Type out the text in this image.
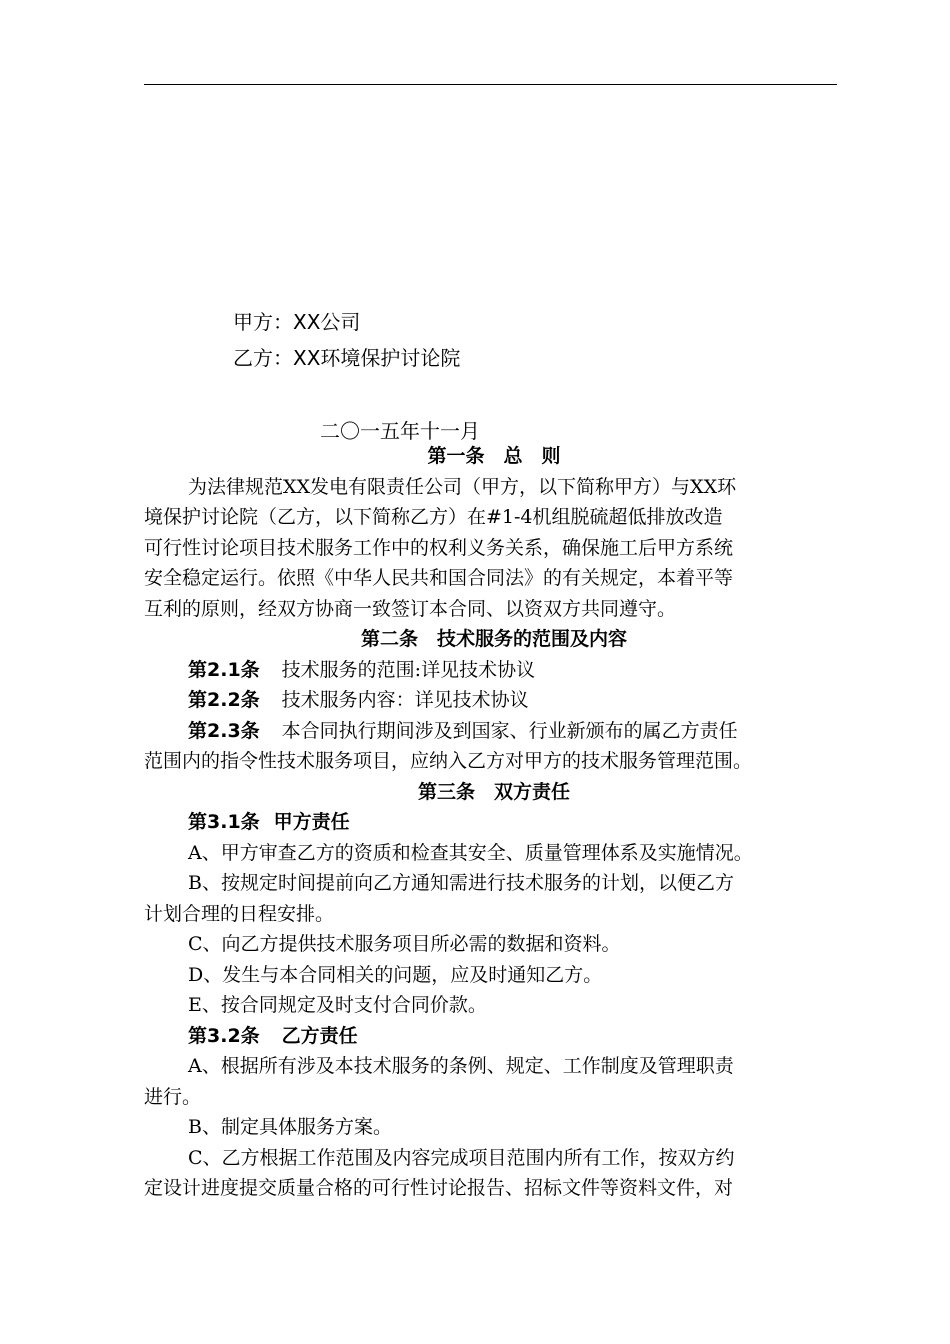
甲方：XX公司
乙方：XX环境保护讨论院
二〇一五年十一月
第一条　总　则
为法律规范XX发电有限责任公司（甲方，以下简称甲方）与XX环
境保护讨论院（乙方，以下简称乙方）在#1-4机组脱硫超低排放改造
可行性讨论项目技术服务工作中的权利义务关系，确保施工后甲方系统
安全稳定运行。依照《中华人民共和国合同法》的有关规定，本着平等
互利的原则，经双方协商一致签订本合同、以资双方共同遵守。
第二条　技术服务的范围及内容
第2.1条 技术服务的范围:详见技术协议
第2.2条 技术服务内容：详见技术协议
第2.3条 本合同执行期间涉及到国家、行业新颁布的属乙方责任
范围内的指令性技术服务项目，应纳入乙方对甲方的技术服务管理范围。
第三条　双方责任
第3.1条 甲方责任
A、甲方审查乙方的资质和检查其安全、质量管理体系及实施情况。
B、按规定时间提前向乙方通知需进行技术服务的计划，以便乙方
计划合理的日程安排。
C、向乙方提供技术服务项目所必需的数据和资料。
D、发生与本合同相关的问题，应及时通知乙方。
E、按合同规定及时支付合同价款。
第3.2条 乙方责任
A、根据所有涉及本技术服务的条例、规定、工作制度及管理职责
进行。
B、制定具体服务方案。
C、乙方根据工作范围及内容完成项目范围内所有工作，按双方约
定设计进度提交质量合格的可行性讨论报告、招标文件等资料文件，对
